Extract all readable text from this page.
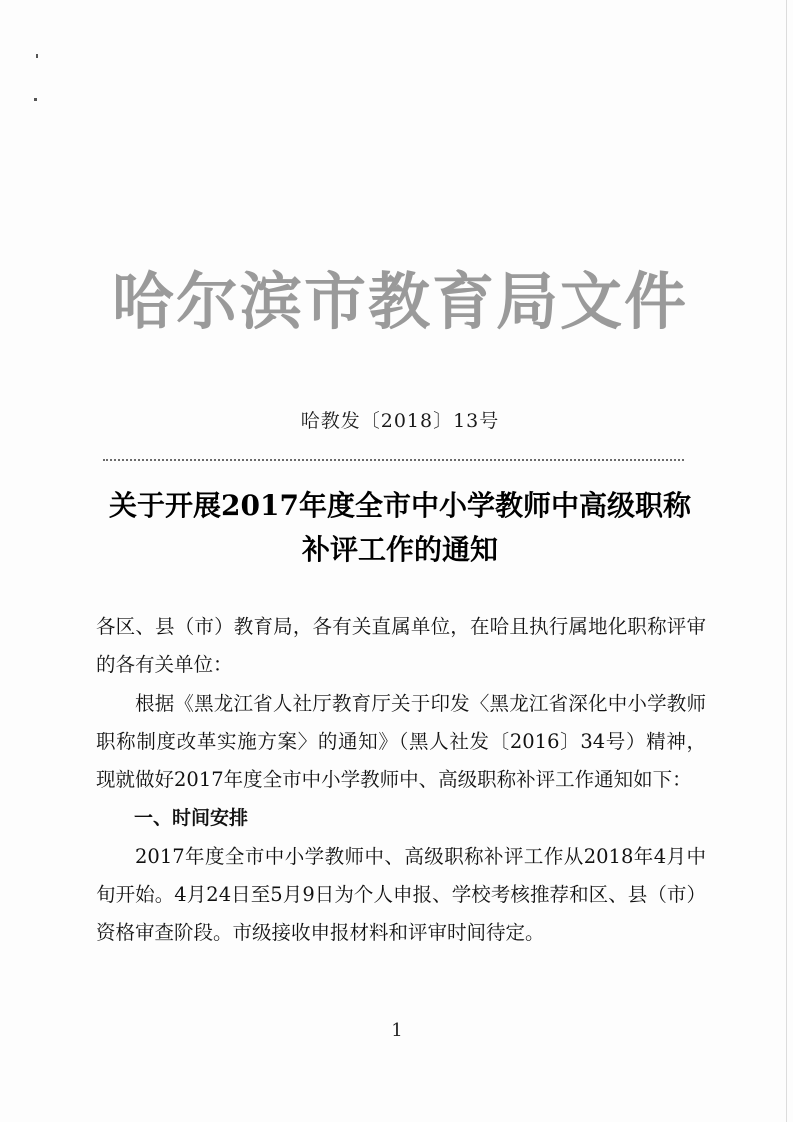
哈尔滨市教育局文件
哈教发〔2018〕13号
关于开展2017年度全市中小学教师中高级职称
补评工作的通知

各区、县（市）教育局，各有关直属单位，在哈且执行属地化职称评审的各有关单位：

根据《黑龙江省人社厅教育厅关于印发〈黑龙江省深化中小学教师职称制度改革实施方案〉的通知》（黑人社发〔2016〕34号）精神，现就做好2017年度全市中小学教师中、高级职称补评工作通知如下：

一、时间安排

2017年度全市中小学教师中、高级职称补评工作从2018年4月中旬开始。4月24日至5月9日为个人申报、学校考核推荐和区、县（市）资格审查阶段。市级接收申报材料和评审时间待定。

1
